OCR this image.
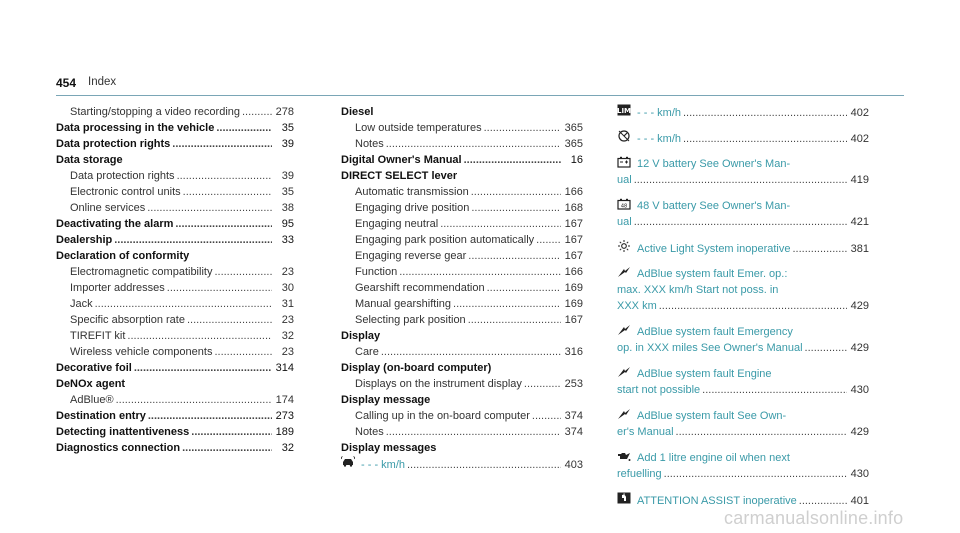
454 Index
Starting/stopping a video recording .....	278
Data processing in the vehicle .....	35
Data protection rights .....	39
Data storage
Data protection rights .....	39
Electronic control units .....	35
Online services .....	38
Deactivating the alarm .....	95
Dealership .....	33
Declaration of conformity
Electromagnetic compatibility .....	23
Importer addresses .....	30
Jack .....	31
Specific absorption rate .....	23
TIREFIT kit .....	32
Wireless vehicle components .....	23
Decorative foil .....	314
DeNOx agent
AdBlue® .....	174
Destination entry .....	273
Detecting inattentiveness .....	189
Diagnostics connection .....	32
Diesel
Low outside temperatures .....	365
Notes .....	365
Digital Owner's Manual .....	16
DIRECT SELECT lever
Automatic transmission .....	166
Engaging drive position .....	168
Engaging neutral .....	167
Engaging park position automatically .....	167
Engaging reverse gear .....	167
Function .....	166
Gearshift recommendation .....	169
Manual gearshifting .....	169
Selecting park position .....	167
Display
Care .....	316
Display (on-board computer)
Displays on the instrument display .....	253
Display message
Calling up in the on-board computer .....	374
Notes .....	374
Display messages
- - - km/h .....	403
LIM - - - km/h .....	402
- - - km/h .....	402
12 V battery See Owner's Man-
ual .....	419
48 48 V battery See Owner's Man-
ual .....	421
Active Light System inoperative .....	381
AdBlue system fault Emer. op.:
max. XXX km/h Start not poss. in
XXX km .....	429
AdBlue system fault Emergency
op. in XXX miles See Owner's Manual .....	429
AdBlue system fault Engine
start not possible .....	430
AdBlue system fault See Own-
er's Manual .....	429
Add 1 litre engine oil when next
refuelling .....	430
ATTENTION ASSIST inoperative .....	401
carmanualsonline.info
